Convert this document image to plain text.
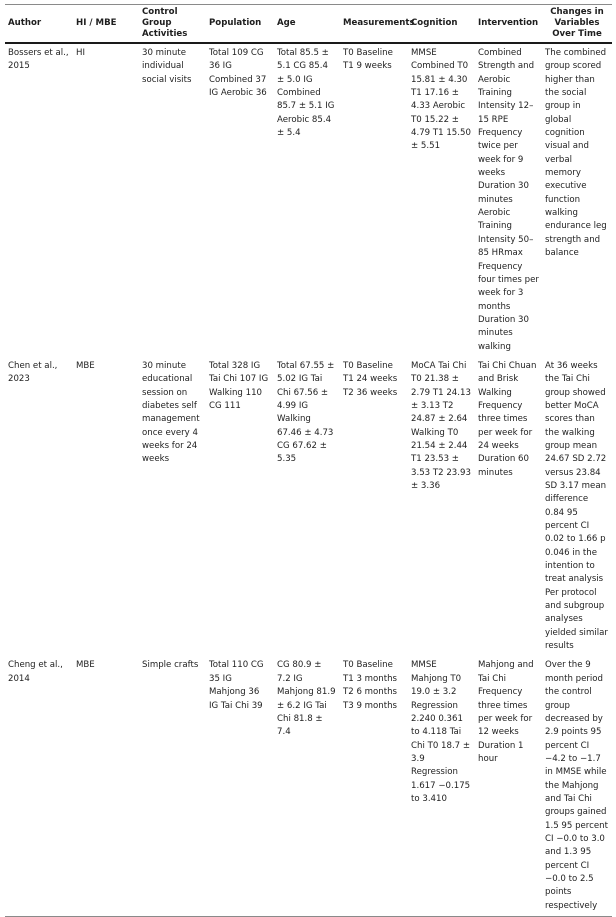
Author	HI / MBE	Control Group Activities	Population	Age	Measurements	Cognition	Intervention	Changes in Variables Over Time
Bossers et al., 2015	HI	30 minute individual social visits	Total 109 CG 36 IG Combined 37 IG Aerobic 36	Total 85.5 ± 5.1 CG 85.4 ± 5.0 IG Combined 85.7 ± 5.1 IG Aerobic 85.4 ± 5.4	T0 Baseline T1 9 weeks	MMSE Combined T0 15.81 ± 4.30 T1 17.16 ± 4.33 Aerobic T0 15.22 ± 4.79 T1 15.50 ± 5.51	Combined Strength and Aerobic Training Intensity 12–15 RPE Frequency twice per week for 9 weeks Duration 30 minutes Aerobic Training Intensity 50–85 HRmax Frequency four times per week for 3 months Duration 30 minutes walking	The combined group scored higher than the social group in global cognition visual and verbal memory executive function walking endurance leg strength and balance
Chen et al., 2023	MBE	30 minute educational session on diabetes self management once every 4 weeks for 24 weeks	Total 328 IG Tai Chi 107 IG Walking 110 CG 111	Total 67.55 ± 5.02 IG Tai Chi 67.56 ± 4.99 IG Walking 67.46 ± 4.73 CG 67.62 ± 5.35	T0 Baseline T1 24 weeks T2 36 weeks	MoCA Tai Chi T0 21.38 ± 2.79 T1 24.13 ± 3.13 T2 24.87 ± 2.64 Walking T0 21.54 ± 2.44 T1 23.53 ± 3.53 T2 23.93 ± 3.36	Tai Chi Chuan and Brisk Walking Frequency three times per week for 24 weeks Duration 60 minutes	At 36 weeks the Tai Chi group showed better MoCA scores than the walking group mean 24.67 SD 2.72 versus 23.84 SD 3.17 mean difference 0.84 95 percent CI 0.02 to 1.66 p 0.046 in the intention to treat analysis Per protocol and subgroup analyses yielded similar results
Cheng et al., 2014	MBE	Simple crafts	Total 110 CG 35 IG Mahjong 36 IG Tai Chi 39	CG 80.9 ± 7.2 IG Mahjong 81.9 ± 6.2 IG Tai Chi 81.8 ± 7.4	T0 Baseline T1 3 months T2 6 months T3 9 months	MMSE Mahjong T0 19.0 ± 3.2 Regression 2.240 0.361 to 4.118 Tai Chi T0 18.7 ± 3.9 Regression 1.617 −0.175 to 3.410	Mahjong and Tai Chi Frequency three times per week for 12 weeks Duration 1 hour	Over the 9 month period the control group decreased by 2.9 points 95 percent CI −4.2 to −1.7 in MMSE while the Mahjong and Tai Chi groups gained 1.5 95 percent CI −0.0 to 3.0 and 1.3 95 percent CI −0.0 to 2.5 points respectively
